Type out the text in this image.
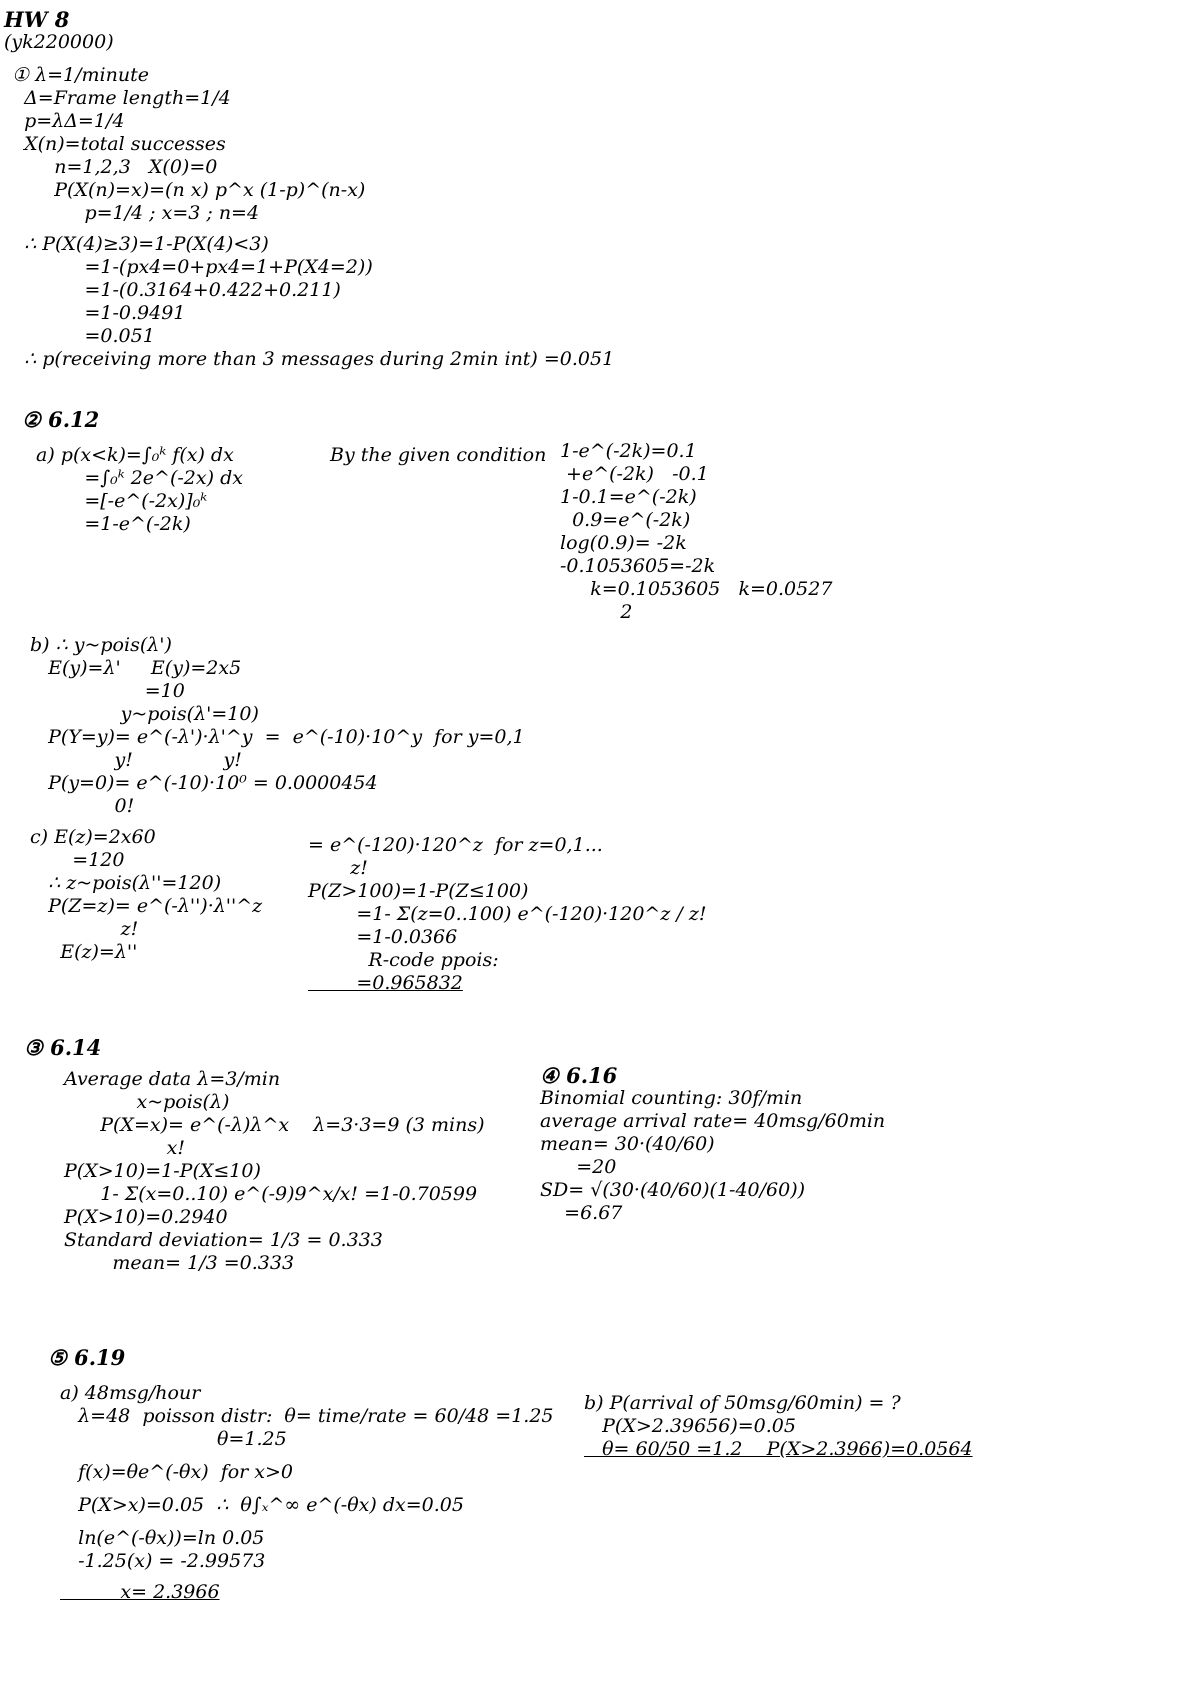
HW 8
(yk220000)
① λ=1/minute
Δ=Frame length=1/4
p=λΔ=1/4
X(n)=total successes
n=1,2,3   X(0)=0
P(X(n)=x)=(n x) p^x (1-p)^(n-x)
p=1/4 ; x=3 ; n=4
∴ P(X(4)≥3)=1-P(X(4)<3)
=1-(px4=0+px4=1+P(X4=2))
=1-(0.3164+0.422+0.211)
=1-0.9491
=0.051
∴ p(receiving more than 3 messages during 2min int) =0.051
② 6.12
a) p(x<k)=∫₀ᵏ f(x) dx
=∫₀ᵏ 2e^(-2x) dx
=[-e^(-2x)]₀ᵏ
=1-e^(-2k)
By the given condition 1-e^(-2k)=0.1
+e^(-2k)   -0.1
1-0.1=e^(-2k)
0.9=e^(-2k)
log(0.9)= -2k
-0.1053605=-2k
k=0.1053605   k=0.0527
2
b) ∴ y~pois(λ')
E(y)=λ'     E(y)=2x5
=10
y~pois(λ'=10)
P(Y=y)= e^(-λ')·λ'^y  =  e^(-10)·10^y  for y=0,1
y!               y!
P(y=0)= e^(-10)·10⁰ = 0.0000454
0!
c) E(z)=2x60
=120
∴ z~pois(λ''=120)
P(Z=z)= e^(-λ'')·λ''^z
z!
E(z)=λ''
= e^(-120)·120^z  for z=0,1...
z!
P(Z>100)=1-P(Z≤100)
=1- Σ(z=0..100) e^(-120)·120^z / z!
=1-0.0366
R-code ppois:
=0.965832
③ 6.14
Average data λ=3/min
x~pois(λ)
P(X=x)= e^(-λ)λ^x    λ=3·3=9 (3 mins)
x!
P(X>10)=1-P(X≤10)
1- Σ(x=0..10) e^(-9)9^x/x! =1-0.70599
P(X>10)=0.2940
Standard deviation= 1/3 = 0.333
mean= 1/3 =0.333
④ 6.16
Binomial counting: 30f/min
average arrival rate= 40msg/60min
mean= 30·(40/60)
=20
SD= √(30·(40/60)(1-40/60))
=6.67
⑤ 6.19
a) 48msg/hour
λ=48  poisson distr:  θ= time/rate = 60/48 =1.25
θ=1.25
f(x)=θe^(-θx)  for x>0
P(X>x)=0.05  ∴  θ∫ₓ^∞ e^(-θx) dx=0.05
ln(e^(-θx))=ln 0.05
-1.25(x) = -2.99573
x= 2.3966
b) P(arrival of 50msg/60min) = ?
P(X>2.39656)=0.05
θ= 60/50 =1.2    P(X>2.3966)=0.0564
